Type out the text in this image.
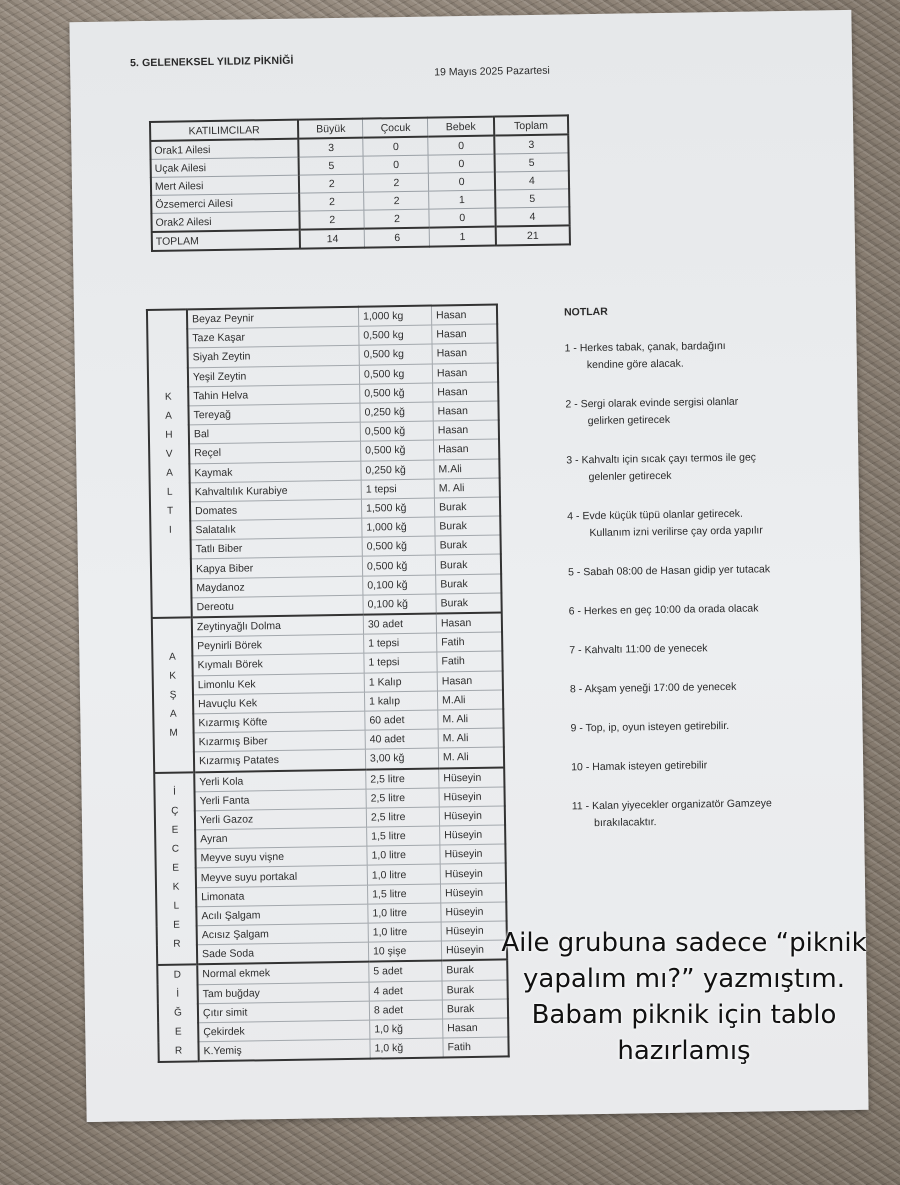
5. GELENEKSEL YILDIZ PİKNİĞİ
19 Mayıs 2025 Pazartesi
KATILIMCILAR	Büyük	Çocuk	Bebek	Toplam
Orak1 Ailesi	3	0	0	3
Uçak Ailesi	5	0	0	5
Mert Ailesi	2	2	0	4
Özsemerci Ailesi	2	2	1	5
Orak2 Ailesi	2	2	0	4
TOPLAM	14	6	1	21
K
A
H
V
A
L
T
I
	Beyaz Peynir	1,000 kg	Hasan
	Taze Kaşar	0,500 kg	Hasan
	Siyah Zeytin	0,500 kg	Hasan
	Yeşil Zeytin	0,500 kg	Hasan
	Tahin Helva	0,500 kğ	Hasan
	Tereyağ	0,250 kğ	Hasan
	Bal	0,500 kğ	Hasan
	Reçel	0,500 kğ	Hasan
	Kaymak	0,250 kğ	M.Ali
	Kahvaltılık Kurabiye	1 tepsi	M. Ali
	Domates	1,500 kğ	Burak
	Salatalık	1,000 kğ	Burak
	Tatlı Biber	0,500 kğ	Burak
	Kapya Biber	0,500 kğ	Burak
	Maydanoz	0,100 kğ	Burak
	Dereotu	0,100 kğ	Burak

A
K
Ş
A
M	Zeytinyağlı Dolma	30 adet	Hasan
	Peynirli Börek	1 tepsi	Fatih
	Kıymalı Börek	1 tepsi	Fatih
	Limonlu Kek	1 Kalıp	Hasan
	Havuçlu Kek	1 kalıp	M.Ali
	Kızarmış Köfte	60 adet	M. Ali
	Kızarmış Biber	40 adet	M. Ali
	Kızarmış Patates	3,00 kğ	M. Ali

İ
Ç
E
C
E
K
L
E
R
	Yerli Kola	2,5 litre	Hüseyin
	Yerli Fanta	2,5 litre	Hüseyin
	Yerli Gazoz	2,5 litre	Hüseyin
	Ayran	1,5 litre	Hüseyin
	Meyve suyu vişne	1,0 litre	Hüseyin
	Meyve suyu portakal	1,0 litre	Hüseyin
	Limonata	1,5 litre	Hüseyin
	Acılı Şalgam	1,0 litre	Hüseyin
	Acısız Şalgam	1,0 litre	Hüseyin
	Sade Soda	10 şişe	Hüseyin

D
İ
Ğ
E
R	Normal ekmek	5 adet	Burak
	Tam buğday	4 adet	Burak
	Çıtır simit	8 adet	Burak
	Çekirdek	1,0 kğ	Hasan
	K.Yemiş	1,0 kğ	Fatih
NOTLAR
1 - Herkes tabak, çanak, bardağını
kendine göre alacak.
2 - Sergi olarak evinde sergisi olanlar
gelirken getirecek
3 - Kahvaltı için sıcak çayı termos ile geç
gelenler getirecek
4 - Evde küçük tüpü olanlar getirecek.
Kullanım izni verilirse çay orda yapılır
5 - Sabah 08:00 de Hasan gidip yer tutacak
6 - Herkes en geç 10:00 da orada olacak
7 - Kahvaltı 11:00 de yenecek
8 - Akşam yeneği 17:00 de yenecek
9 - Top, ip, oyun isteyen getirebilir.
10 - Hamak isteyen getirebilir
11 - Kalan yiyecekler organizatör Gamzeye
bırakılacaktır.
Aile grubuna sadece “piknik
yapalım mı?” yazmıştım.
Babam piknik için tablo
hazırlamış
